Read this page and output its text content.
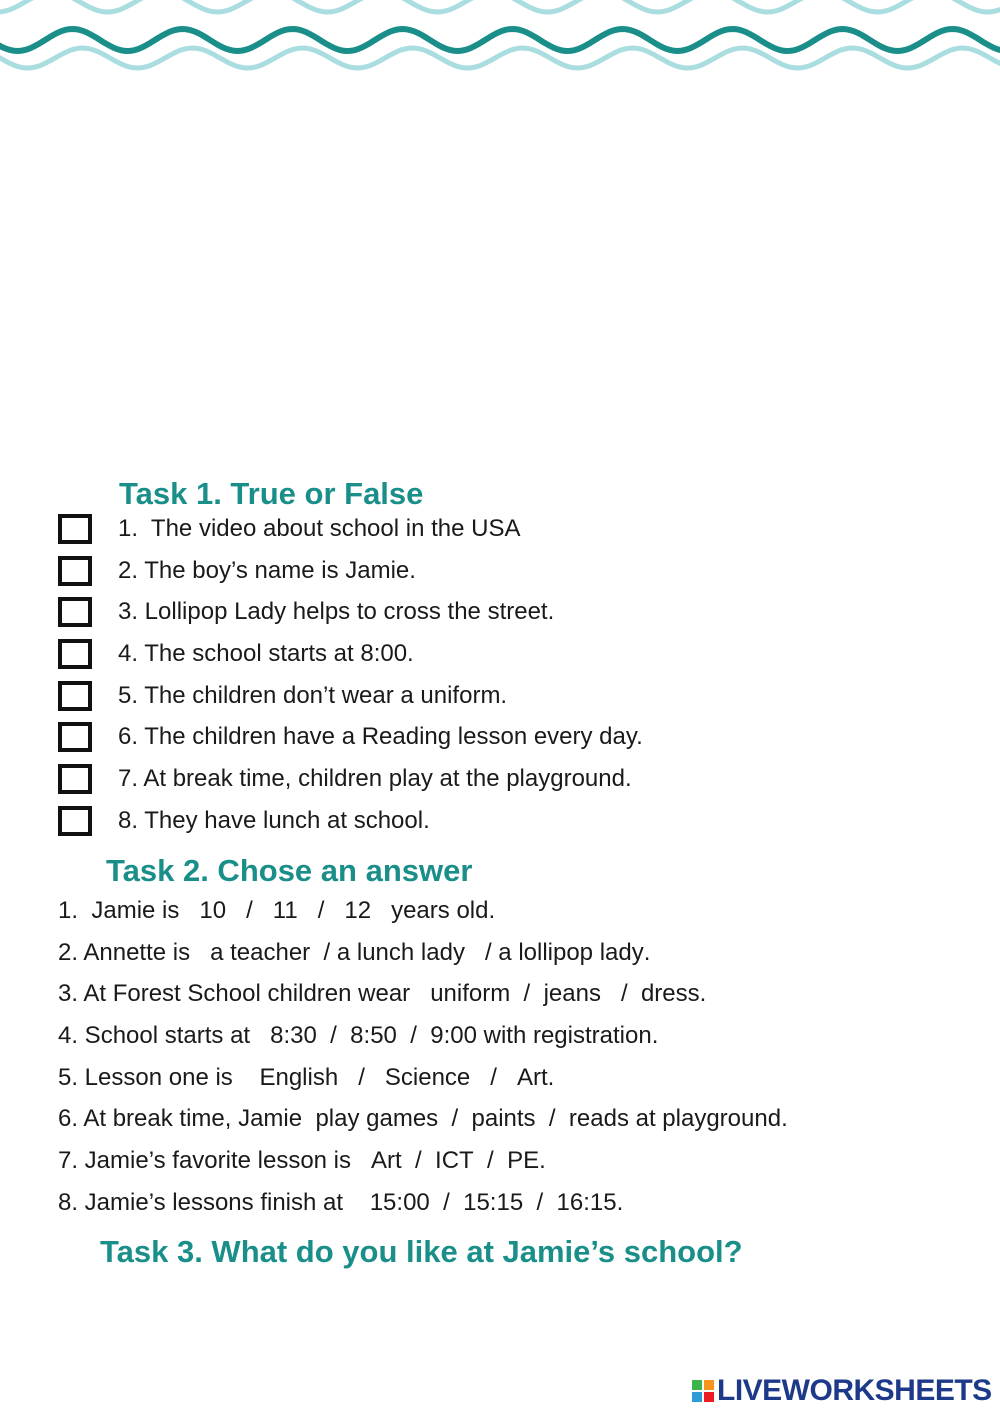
Task 1. True or False
1.  The video about school in the USA
2. The boy’s name is Jamie.
3. Lollipop Lady helps to cross the street.
4. The school starts at 8:00.
5. The children don’t wear a uniform.
6. The children have a Reading lesson every day.
7. At break time, children play at the playground.
8. They have lunch at school.
Task 2. Chose an answer
1.  Jamie is 10 / 11 / 12 years old.
2. Annette is a teacher / a lunch lady / a lollipop lady .
3. At Forest School children wear uniform / jeans / dress .
4. School starts at 8:30 / 8:50 / 9:00 with registration.
5. Lesson one is English / Science / Art .
6. At break time, Jamie play games / paints / reads at playground.
7. Jamie’s favorite lesson is Art / ICT / PE .
8. Jamie’s lessons finish at 15:00 / 15:15 / 16:15 .
Task 3. What do you like at Jamie’s school?
LIVEWORKSHEETS
